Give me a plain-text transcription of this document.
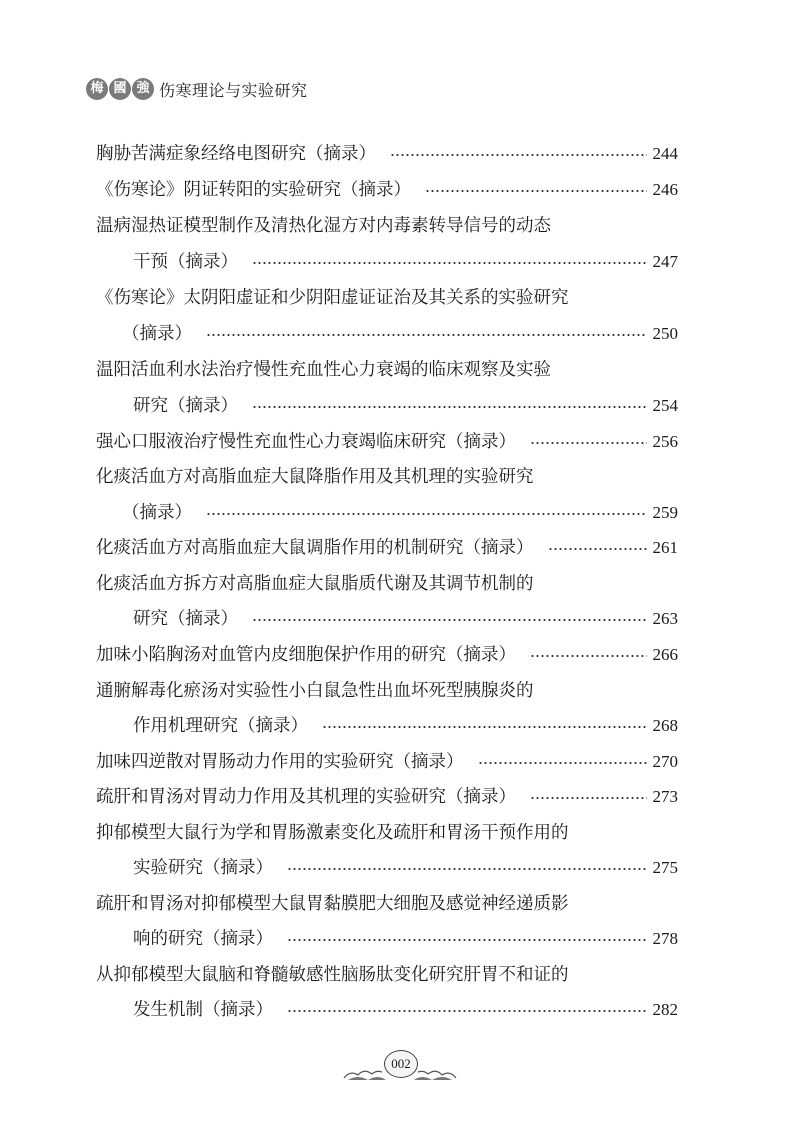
梅 國 強 伤寒理论与实验研究
胸胁苦满症象经络电图研究（摘录）	244
《伤寒论》阴证转阳的实验研究（摘录）	246
温病湿热证模型制作及清热化湿方对内毒素转导信号的动态
干预（摘录）	247
《伤寒论》太阴阳虚证和少阴阳虚证证治及其关系的实验研究
（摘录）	250
温阳活血利水法治疗慢性充血性心力衰竭的临床观察及实验
研究（摘录）	254
强心口服液治疗慢性充血性心力衰竭临床研究（摘录）	256
化痰活血方对高脂血症大鼠降脂作用及其机理的实验研究
（摘录）	259
化痰活血方对高脂血症大鼠调脂作用的机制研究（摘录）	261
化痰活血方拆方对高脂血症大鼠脂质代谢及其调节机制的
研究（摘录）	263
加味小陷胸汤对血管内皮细胞保护作用的研究（摘录）	266
通腑解毒化瘀汤对实验性小白鼠急性出血坏死型胰腺炎的
作用机理研究（摘录）	268
加味四逆散对胃肠动力作用的实验研究（摘录）	270
疏肝和胃汤对胃动力作用及其机理的实验研究（摘录）	273
抑郁模型大鼠行为学和胃肠激素变化及疏肝和胃汤干预作用的
实验研究（摘录）	275
疏肝和胃汤对抑郁模型大鼠胃黏膜肥大细胞及感觉神经递质影
响的研究（摘录）	278
从抑郁模型大鼠脑和脊髓敏感性脑肠肽变化研究肝胃不和证的
发生机制（摘录）	282
002
